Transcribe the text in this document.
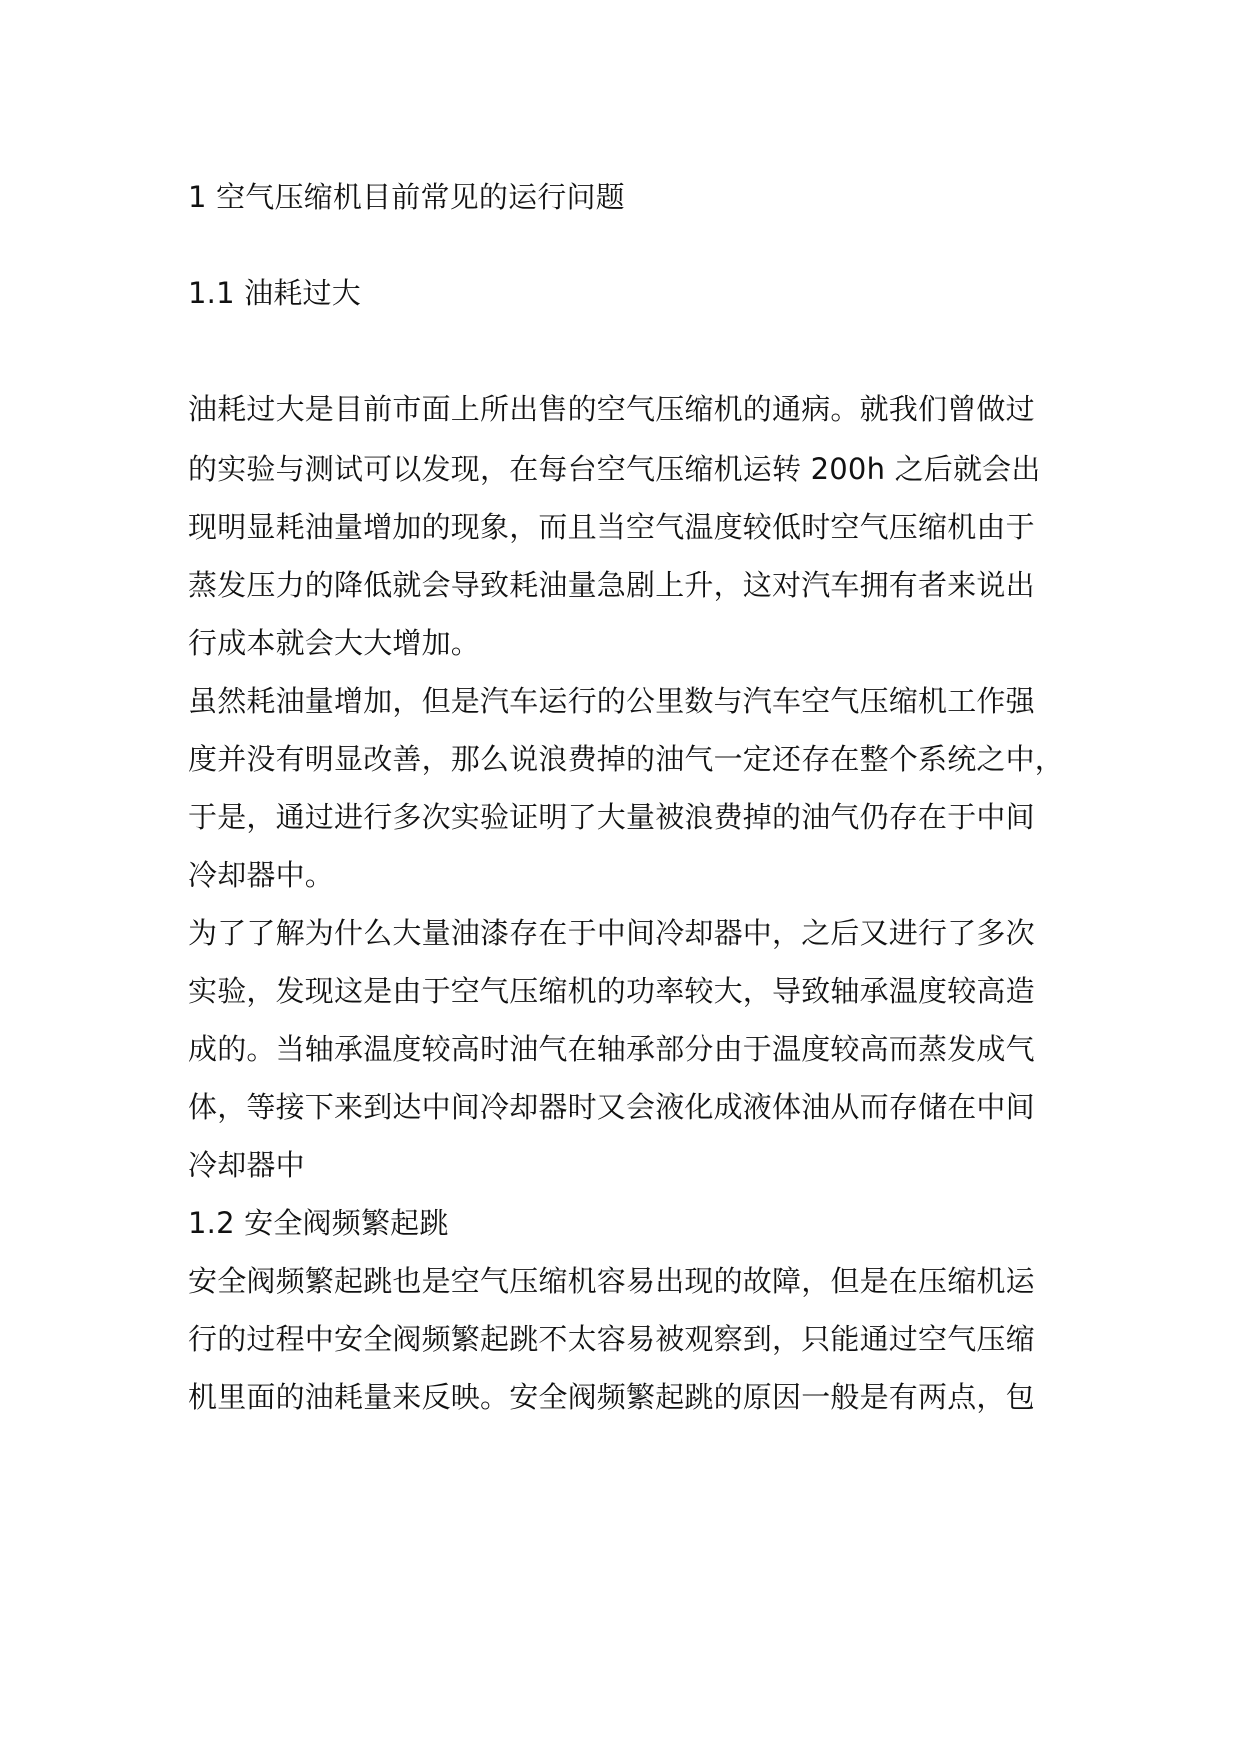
1 空气压缩机目前常见的运行问题
1.1 油耗过大
油耗过大是目前市面上所出售的空气压缩机的通病。就我们曾做过
的实验与测试可以发现，在每台空气压缩机运转 200h 之后就会出
现明显耗油量增加的现象，而且当空气温度较低时空气压缩机由于
蒸发压力的降低就会导致耗油量急剧上升，这对汽车拥有者来说出
行成本就会大大增加。
虽然耗油量增加，但是汽车运行的公里数与汽车空气压缩机工作强
度并没有明显改善，那么说浪费掉的油气一定还存在整个系统之中，
于是，通过进行多次实验证明了大量被浪费掉的油气仍存在于中间
冷却器中。
为了了解为什么大量油漆存在于中间冷却器中，之后又进行了多次
实验，发现这是由于空气压缩机的功率较大，导致轴承温度较高造
成的。当轴承温度较高时油气在轴承部分由于温度较高而蒸发成气
体，等接下来到达中间冷却器时又会液化成液体油从而存储在中间
冷却器中
1.2 安全阀频繁起跳
安全阀频繁起跳也是空气压缩机容易出现的故障，但是在压缩机运
行的过程中安全阀频繁起跳不太容易被观察到，只能通过空气压缩
机里面的油耗量来反映。安全阀频繁起跳的原因一般是有两点，包
